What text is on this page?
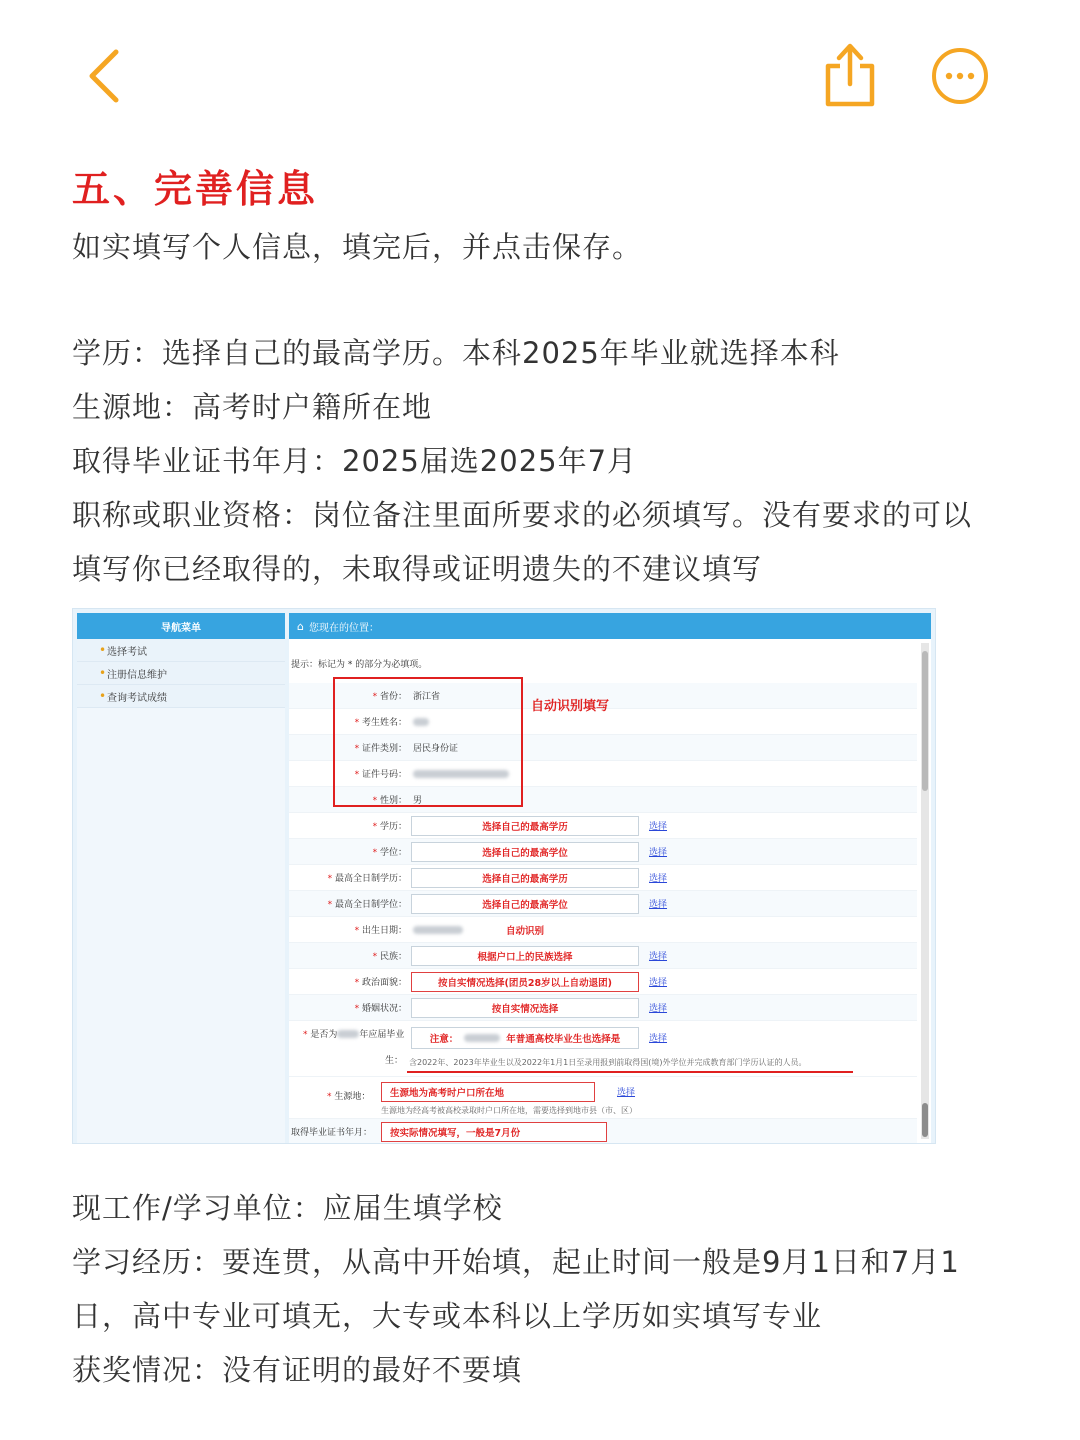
五、完善信息
如实填写个人信息，填完后，并点击保存。
学历：选择自己的最高学历。本科2025年毕业就选择本科
生源地：高考时户籍所在地
取得毕业证书年月：2025届选2025年7月
职称或职业资格：岗位备注里面所要求的必须填写。没有要求的可以
填写你已经取得的，未取得或证明遗失的不建议填写
导航菜单
• 选择考试
• 注册信息维护
• 查询考试成绩
⌂ 您现在的位置：
提示：标记为 * 的部分为必填项。
* 省份： 浙江省
* 考生姓名：
* 证件类别： 居民身份证
* 证件号码：
* 性别： 男
自动识别填写
* 学历：	选择自己的最高学历	选择
* 学位：	选择自己的最高学位	选择
* 最高全日制学历：	选择自己的最高学历	选择
* 最高全日制学位：	选择自己的最高学位	选择
* 出生日期：	自动识别
* 民族：	根据户口上的民族选择	选择
* 政治面貌：	按自实情况选择(团员28岁以上自动退团)	选择
* 婚姻状况：	按自实情况选择	选择
* 是否为 年应届毕业
生：
注意：	年普通高校毕业生也选择是	选择
含2022年、2023年毕业生以及2022年1月1日至录用报到前取得国(境)外学位并完成教育部门学历认证的人员。
* 生源地：	生源地为高考时户口所在地	选择
生源地为经高考被高校录取时户口所在地，需要选择到地市县（市、区）
取得毕业证书年月：	按实际情况填写，一般是7月份
现工作/学习单位：应届生填学校
学习经历：要连贯，从高中开始填，起止时间一般是9月1日和7月1
日，高中专业可填无，大专或本科以上学历如实填写专业
获奖情况：没有证明的最好不要填
